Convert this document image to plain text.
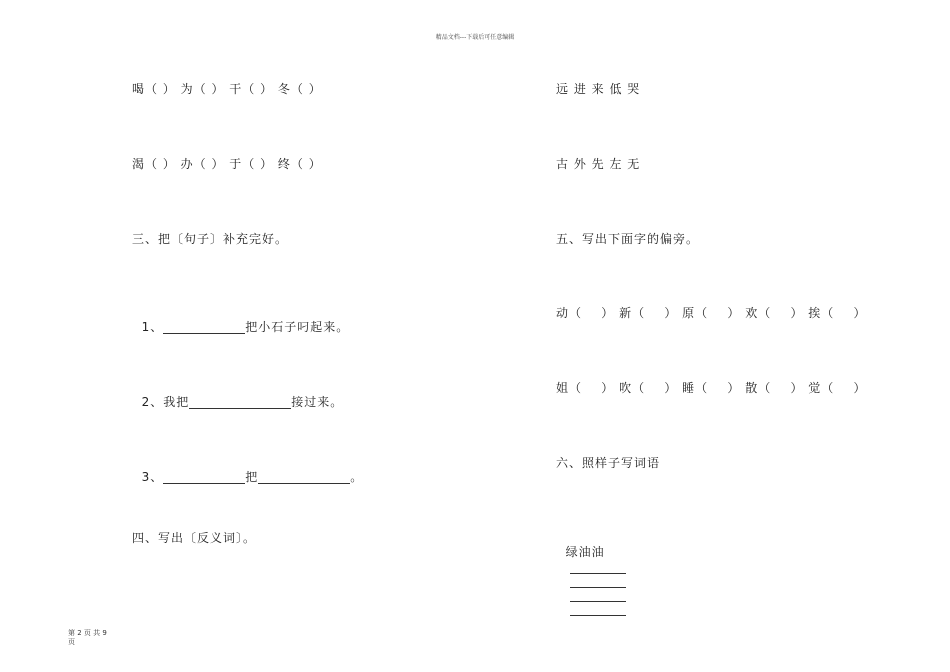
精品文档---下载后可任意编辑
喝（ ） 为（ ） 干（ ） 冬（ ）
渴（ ） 办（ ） 于（ ） 终（ ）
三、把〔句子〕补充完好。

1、	把小石子叼起来。

2、我把	接过来。

3、	把	。

四、写出〔反义词〕。
远 进 来 低 哭
古 外 先 左 无
五、写出下面字的偏旁。
动（    ） 新（    ） 原（    ） 欢（    ） 挨（    ）
姐（    ） 吹（    ） 睡（    ） 散（    ） 觉（    ）
六、照样子写词语

绿油油

第 2 页 共 9
页
